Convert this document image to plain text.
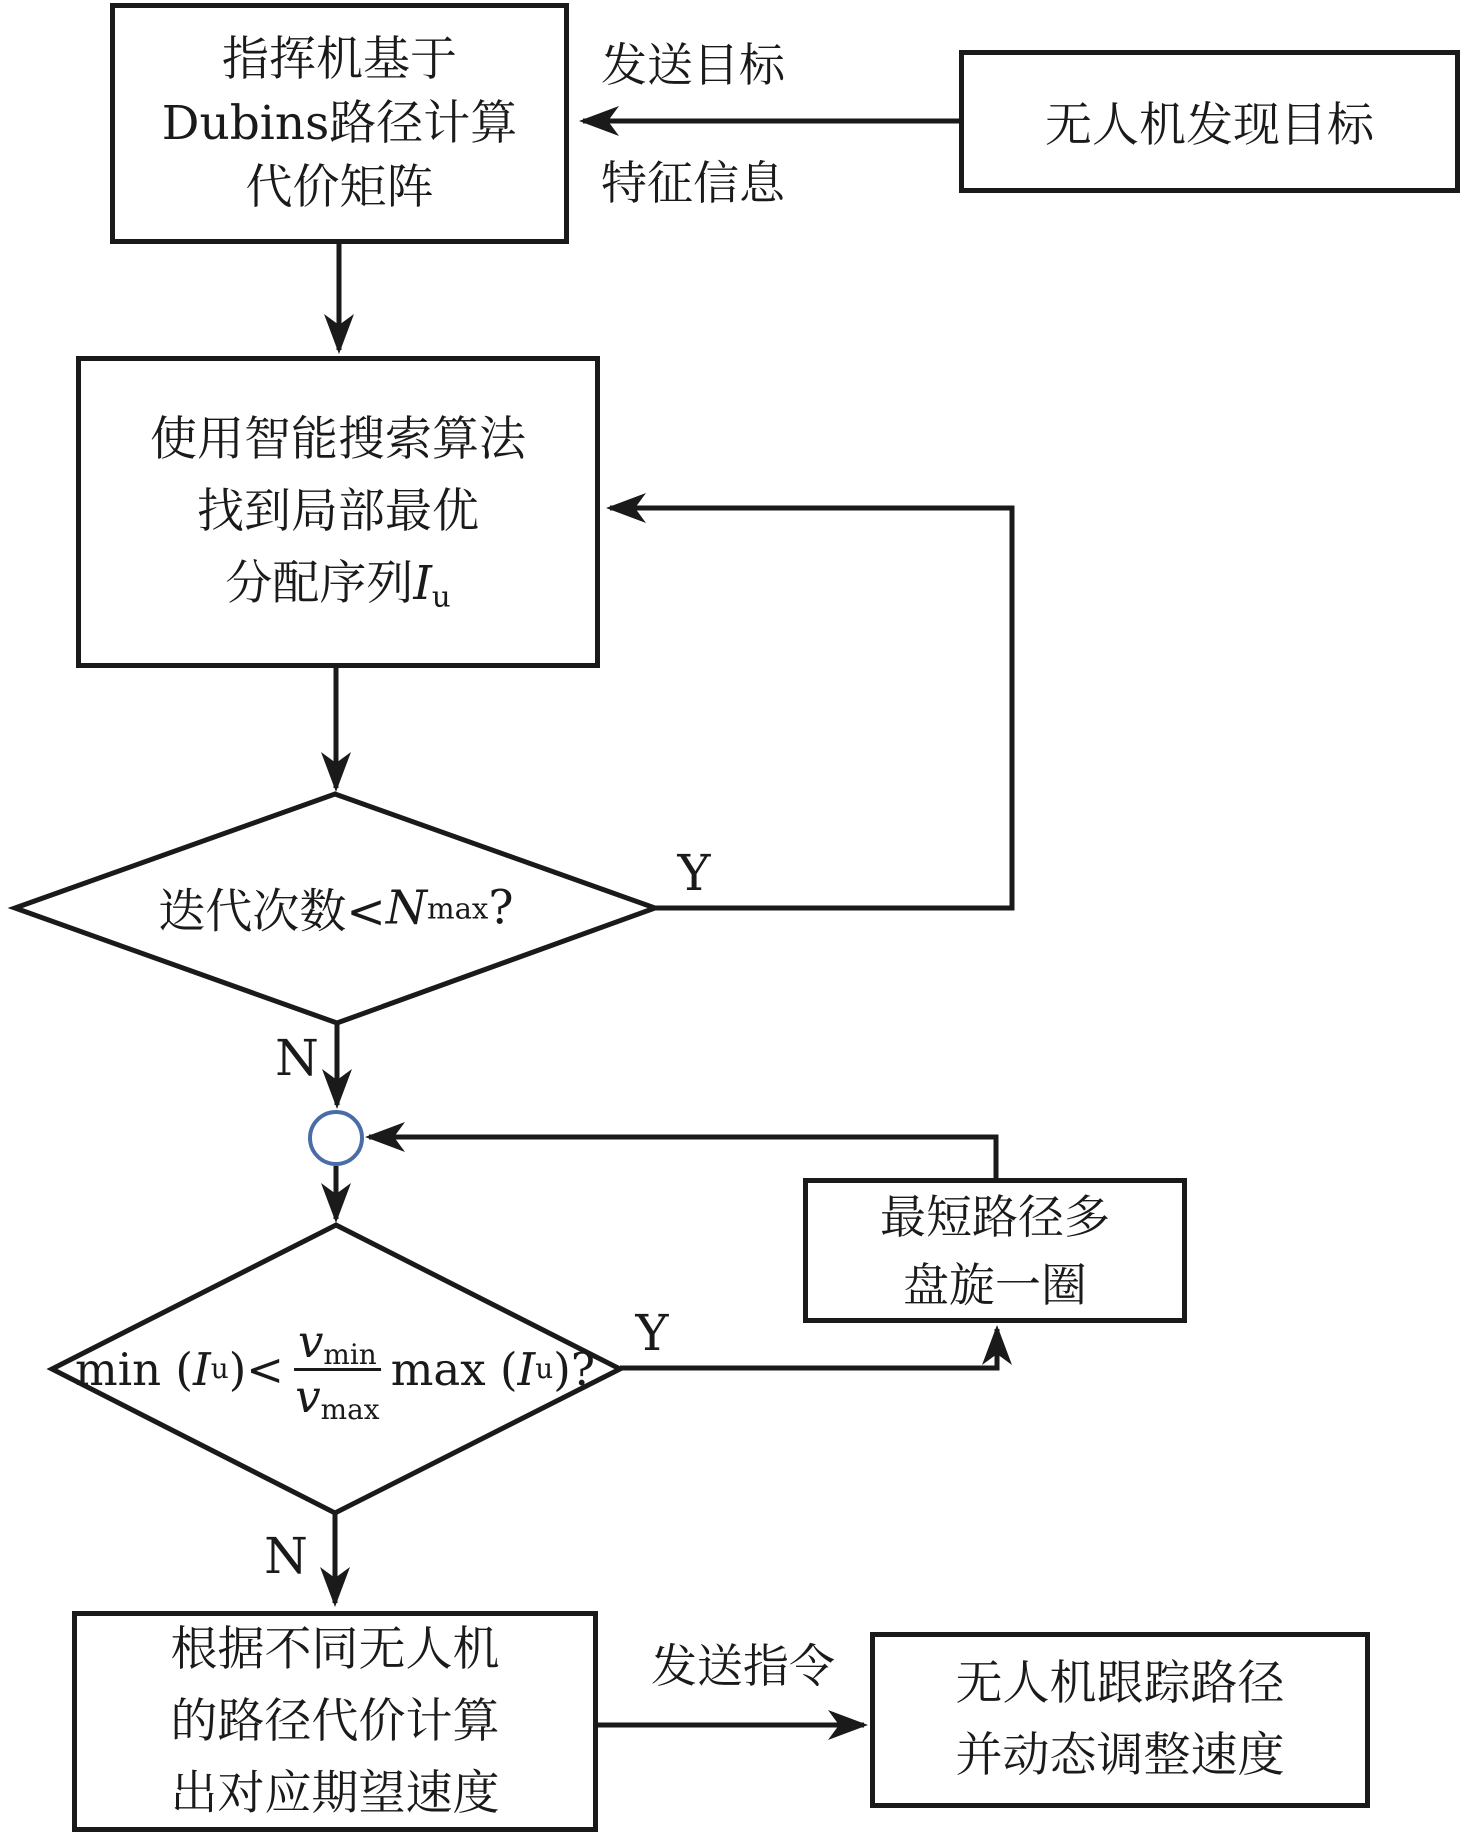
指挥机基于
Dubins路径计算
代价矩阵
无人机发现目标
使用智能搜索算法
找到局部最优
分配序列Iu
最短路径多
盘旋一圈
根据不同无人机
的路径代价计算
出对应期望速度
无人机跟踪路径
并动态调整速度
迭代次数< N max ?
min ( I u )< $\frac{vmin}{vmax}$ max ( I u )?
发送目标
特征信息
Y
N
Y
N
发送指令
